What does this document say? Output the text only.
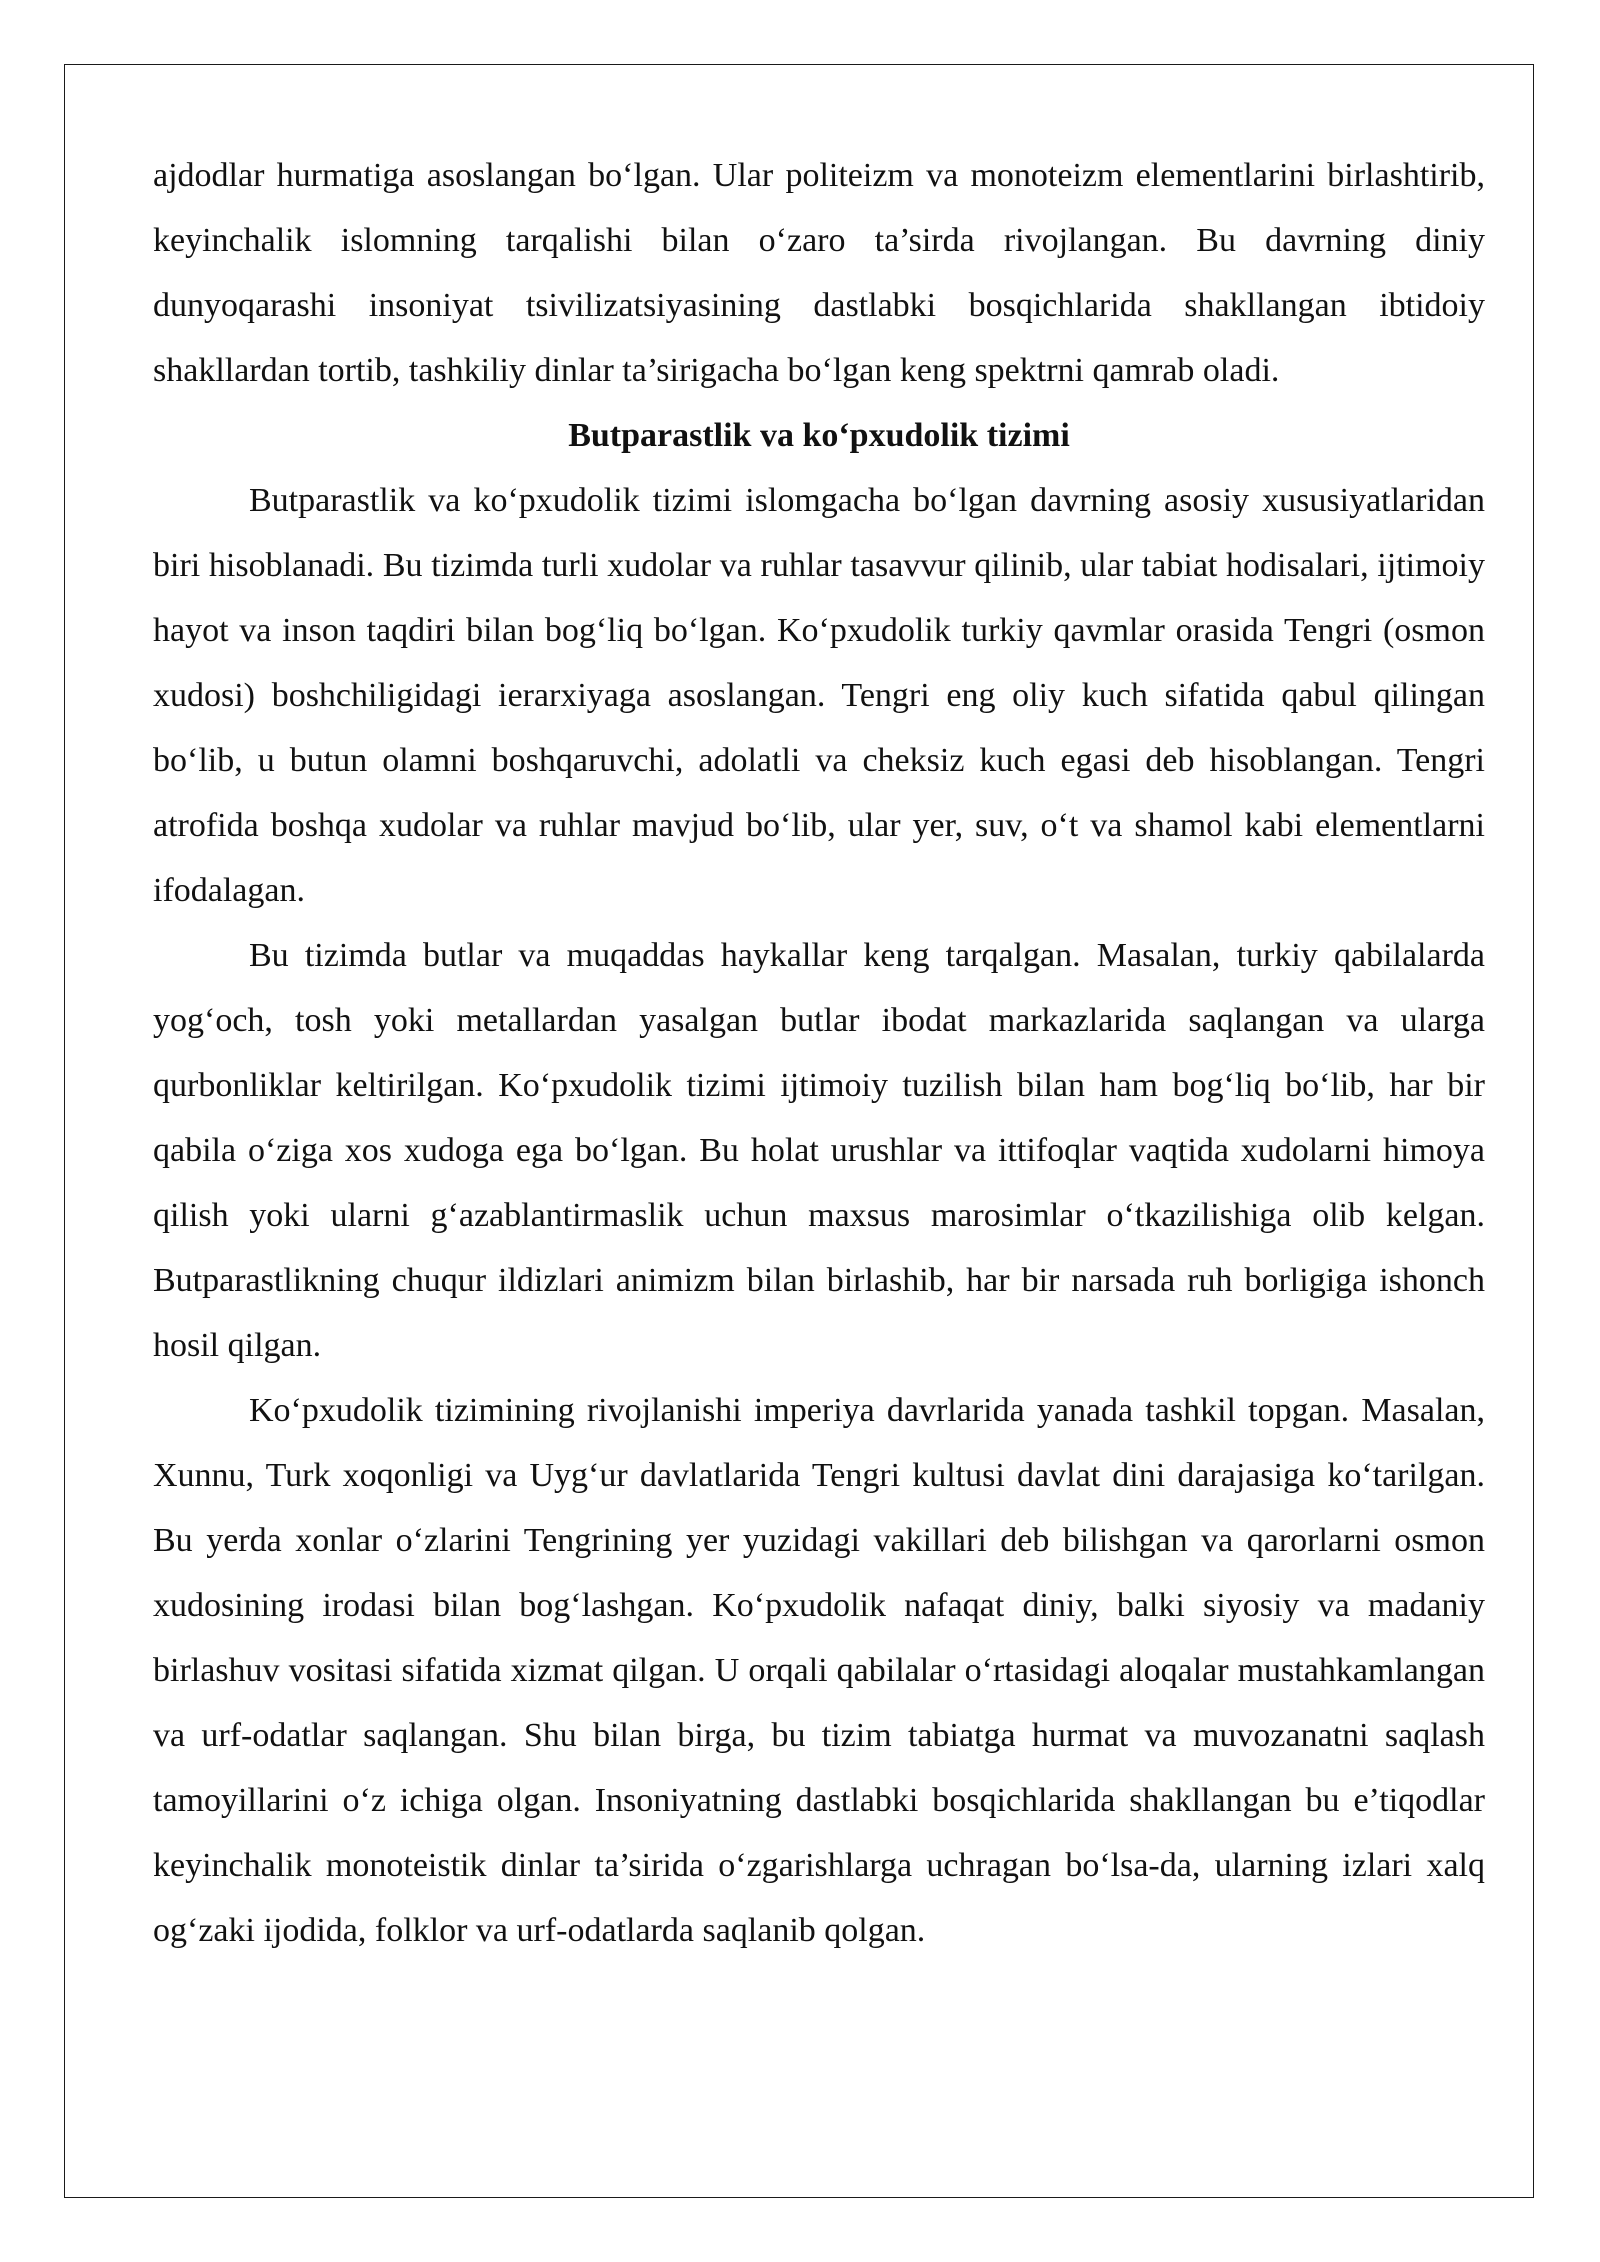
ajdodlar hurmatiga asoslangan bo‘lgan. Ular politeizm va monoteizm elementlarini birlashtirib, keyinchalik islomning tarqalishi bilan o‘zaro ta’sirda rivojlangan. Bu davrning diniy dunyoqarashi insoniyat tsivilizatsiyasining dastlabki bosqichlarida shakllangan ibtidoiy shakllardan tortib, tashkiliy dinlar ta’sirigacha bo‘lgan keng spektrni qamrab oladi.

Butparastlik va ko‘pxudolik tizimi

Butparastlik va ko‘pxudolik tizimi islomgacha bo‘lgan davrning asosiy xususiyatlaridan biri hisoblanadi. Bu tizimda turli xudolar va ruhlar tasavvur qilinib, ular tabiat hodisalari, ijtimoiy hayot va inson taqdiri bilan bog‘liq bo‘lgan. Ko‘pxudolik turkiy qavmlar orasida Tengri (osmon xudosi) boshchiligidagi ierarxiyaga asoslangan. Tengri eng oliy kuch sifatida qabul qilingan bo‘lib, u butun olamni boshqaruvchi, adolatli va cheksiz kuch egasi deb hisoblangan. Tengri atrofida boshqa xudolar va ruhlar mavjud bo‘lib, ular yer, suv, o‘t va shamol kabi elementlarni ifodalagan.

Bu tizimda butlar va muqaddas haykallar keng tarqalgan. Masalan, turkiy qabilalarda yog‘och, tosh yoki metallardan yasalgan butlar ibodat markazlarida saqlangan va ularga qurbonliklar keltirilgan. Ko‘pxudolik tizimi ijtimoiy tuzilish bilan ham bog‘liq bo‘lib, har bir qabila o‘ziga xos xudoga ega bo‘lgan. Bu holat urushlar va ittifoqlar vaqtida xudolarni himoya qilish yoki ularni g‘azablantirmaslik uchun maxsus marosimlar o‘tkazilishiga olib kelgan. Butparastlikning chuqur ildizlari animizm bilan birlashib, har bir narsada ruh borligiga ishonch hosil qilgan.

Ko‘pxudolik tizimining rivojlanishi imperiya davrlarida yanada tashkil topgan. Masalan, Xunnu, Turk xoqonligi va Uyg‘ur davlatlarida Tengri kultusi davlat dini darajasiga ko‘tarilgan. Bu yerda xonlar o‘zlarini Tengrining yer yuzidagi vakillari deb bilishgan va qarorlarni osmon xudosining irodasi bilan bog‘lashgan. Ko‘pxudolik nafaqat diniy, balki siyosiy va madaniy birlashuv vositasi sifatida xizmat qilgan. U orqali qabilalar o‘rtasidagi aloqalar mustahkamlangan va urf-odatlar saqlangan. Shu bilan birga, bu tizim tabiatga hurmat va muvozanatni saqlash tamoyillarini o‘z ichiga olgan. Insoniyatning dastlabki bosqichlarida shakllangan bu e’tiqodlar keyinchalik monoteistik dinlar ta’sirida o‘zgarishlarga uchragan bo‘lsa-da, ularning izlari xalq og‘zaki ijodida, folklor va urf-odatlarda saqlanib qolgan.
